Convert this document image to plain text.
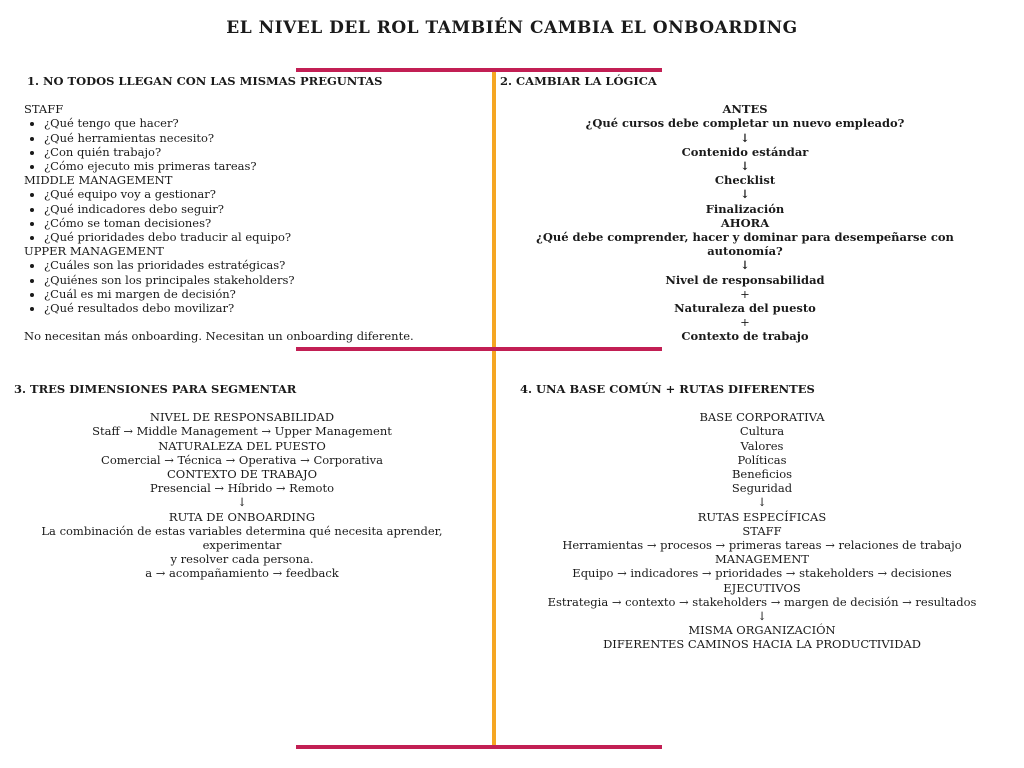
EL NIVEL DEL ROL TAMBIÉN CAMBIA EL ONBOARDING
1. NO TODOS LLEGAN CON LAS MISMAS PREGUNTAS
STAFF
• ¿Qué tengo que hacer?
• ¿Qué herramientas necesito?
• ¿Con quién trabajo?
• ¿Cómo ejecuto mis primeras tareas?
MIDDLE MANAGEMENT
• ¿Qué equipo voy a gestionar?
• ¿Qué indicadores debo seguir?
• ¿Cómo se toman decisiones?
• ¿Qué prioridades debo traducir al equipo?
UPPER MANAGEMENT
• ¿Cuáles son las prioridades estratégicas?
• ¿Quiénes son los principales stakeholders?
• ¿Cuál es mi margen de decisión?
• ¿Qué resultados debo movilizar?
No necesitan más onboarding. Necesitan un onboarding diferente.
2. CAMBIAR LA LÓGICA
ANTES
¿Qué cursos debe completar un nuevo empleado?
↓
Contenido estándar
↓
Checklist
↓
Finalización
AHORA
¿Qué debe comprender, hacer y dominar para desempeñarse con autonomía?
↓
Nivel de responsabilidad
+
Naturaleza del puesto
+
Contexto de trabajo
3. TRES DIMENSIONES PARA SEGMENTAR
NIVEL DE RESPONSABILIDAD
Staff → Middle Management → Upper Management
NATURALEZA DEL PUESTO
Comercial → Técnica → Operativa → Corporativa
CONTEXTO DE TRABAJO
Presencial → Híbrido → Remoto
↓
RUTA DE ONBOARDING
La combinación de estas variables determina qué necesita aprender, experimentar
y resolver cada persona.
a → acompañamiento → feedback
4. UNA BASE COMÚN + RUTAS DIFERENTES
BASE CORPORATIVA
Cultura
Valores
Políticas
Beneficios
Seguridad
↓
RUTAS ESPECÍFICAS
STAFF
Herramientas → procesos → primeras tareas → relaciones de trabajo
MANAGEMENT
Equipo → indicadores → prioridades → stakeholders → decisiones
EJECUTIVOS
Estrategia → contexto → stakeholders → margen de decisión → resultados
↓
MISMA ORGANIZACIÓN
DIFERENTES CAMINOS HACIA LA PRODUCTIVIDAD
